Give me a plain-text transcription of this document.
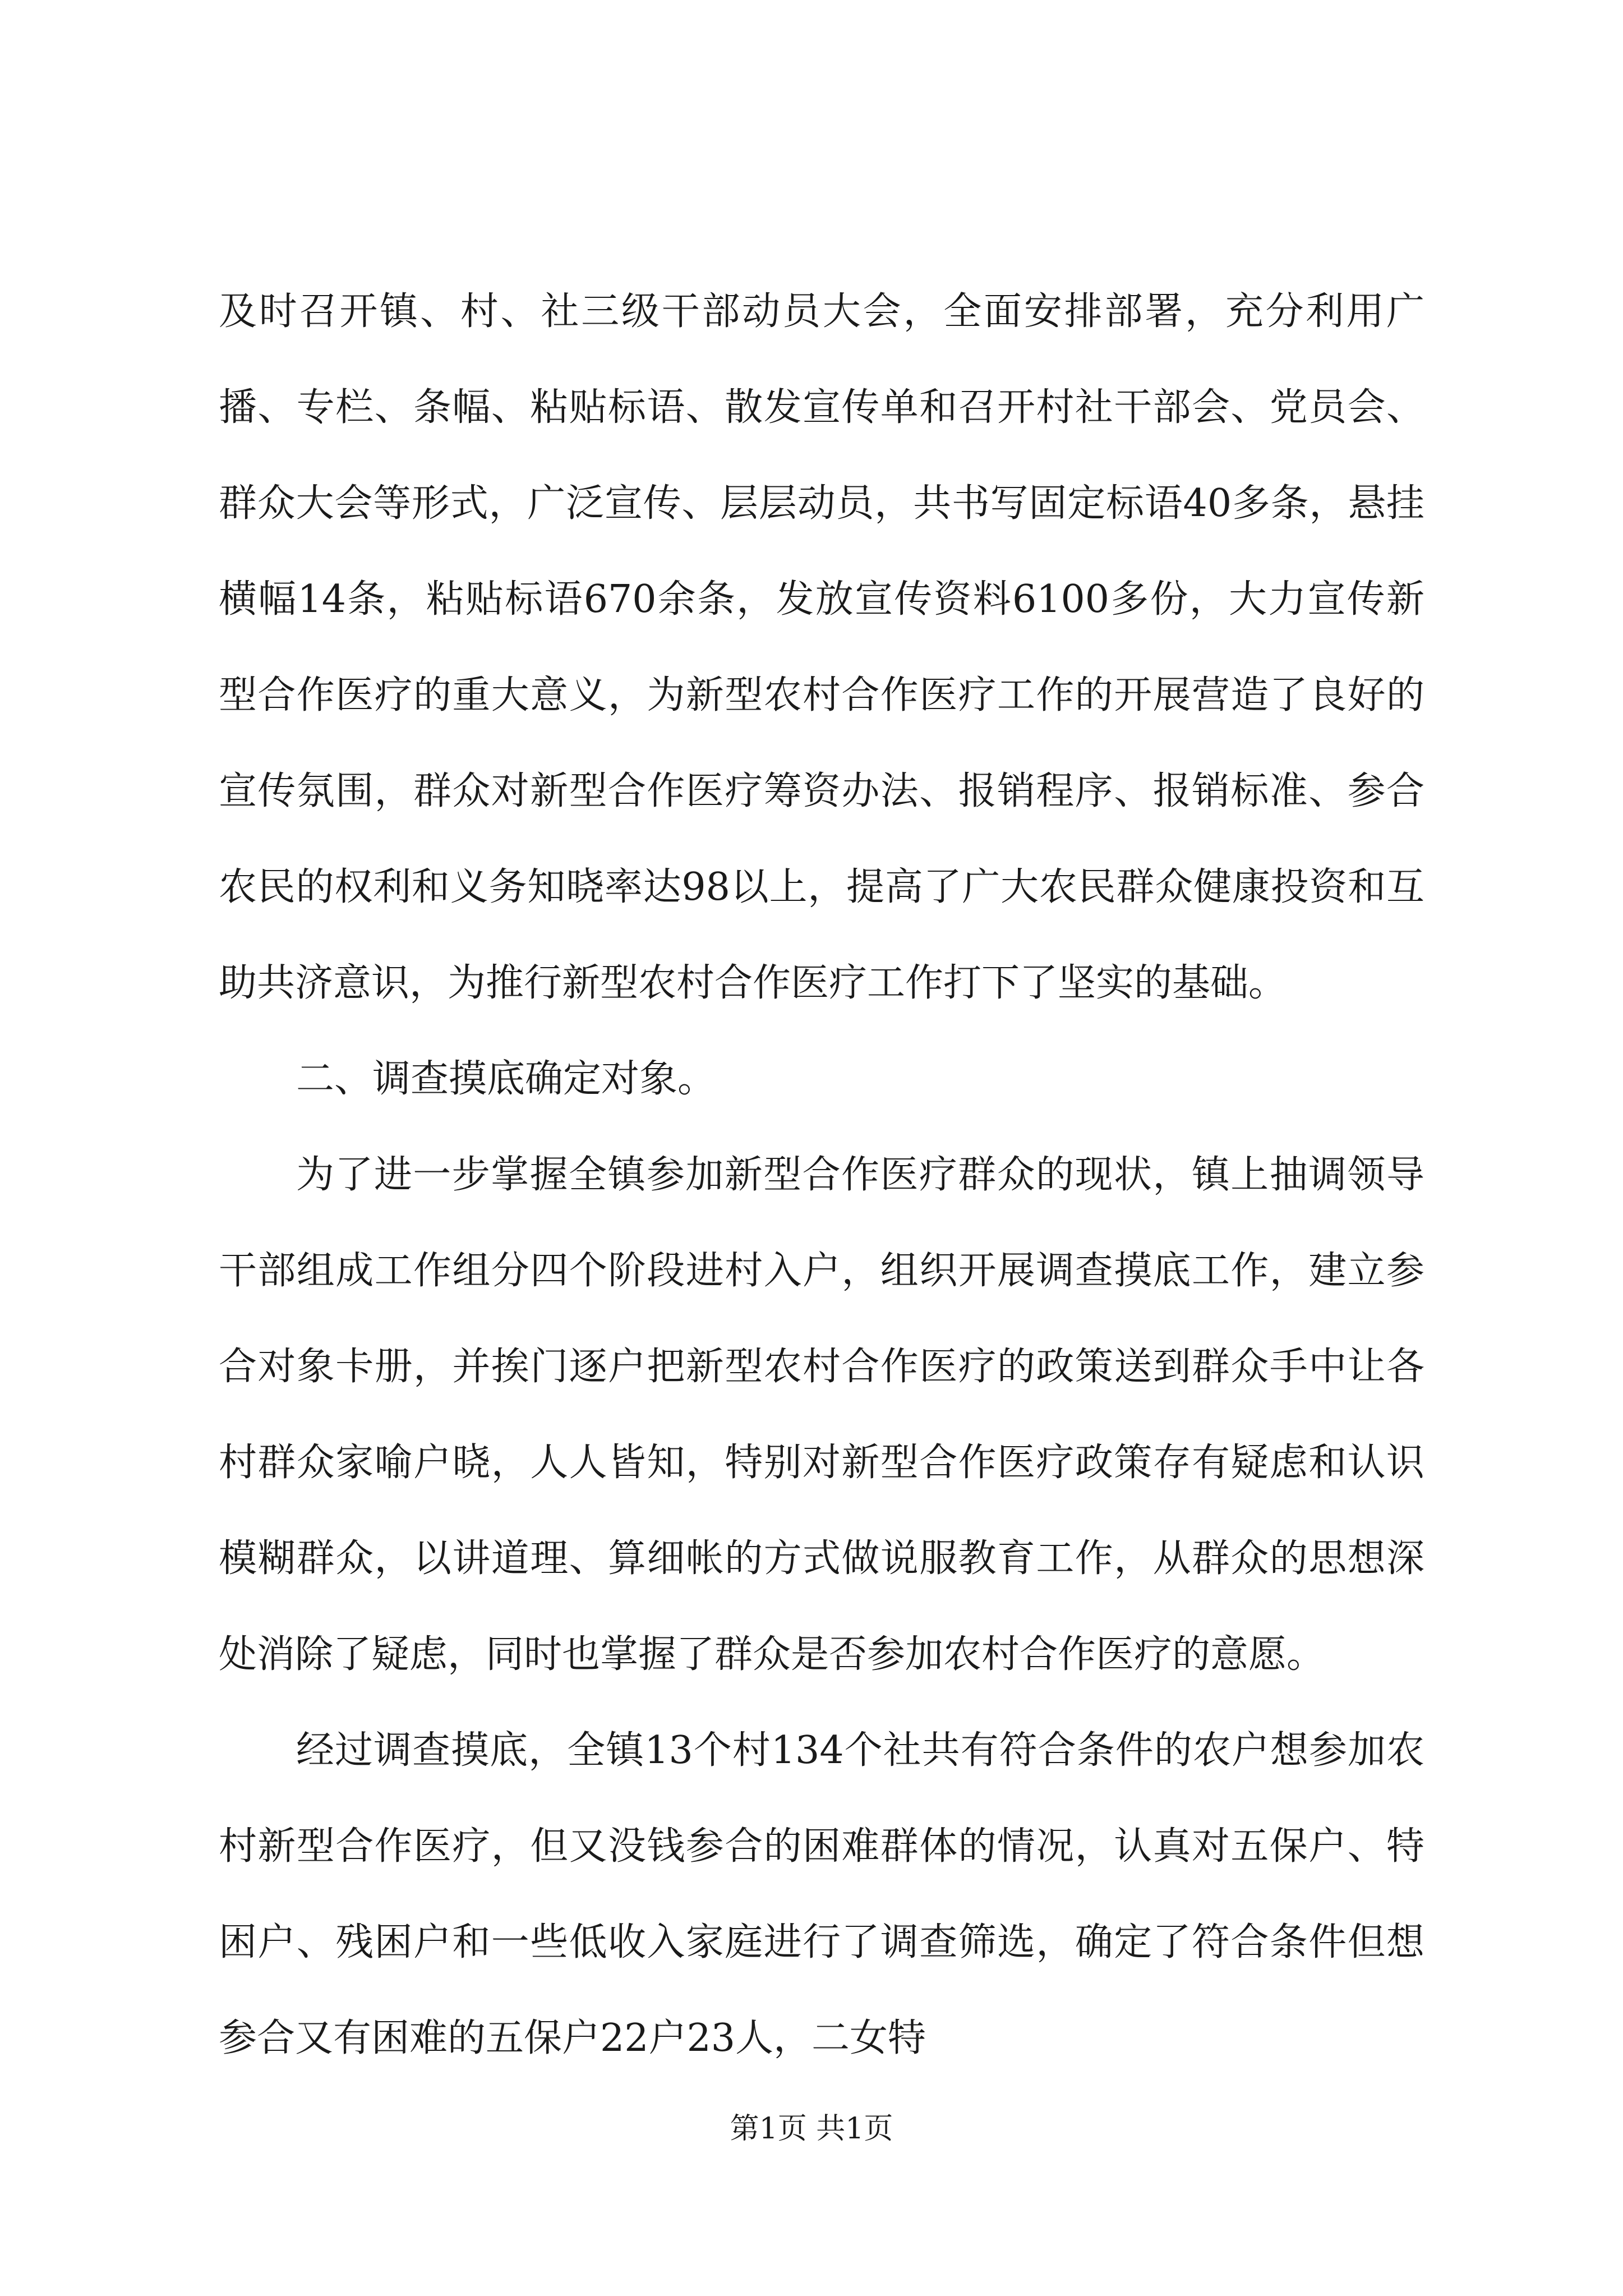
及时召开镇、村、社三级干部动员大会，全面安排部署，充分利用广播、专栏、条幅、粘贴标语、散发宣传单和召开村社干部会、党员会、群众大会等形式，广泛宣传、层层动员，共书写固定标语40多条，悬挂横幅14条，粘贴标语670余条，发放宣传资料6100多份，大力宣传新型合作医疗的重大意义，为新型农村合作医疗工作的开展营造了良好的宣传氛围，群众对新型合作医疗筹资办法、报销程序、报销标准、参合农民的权利和义务知晓率达98以上，提高了广大农民群众健康投资和互助共济意识，为推行新型农村合作医疗工作打下了坚实的基础。

二、调查摸底确定对象。

为了进一步掌握全镇参加新型合作医疗群众的现状，镇上抽调领导干部组成工作组分四个阶段进村入户，组织开展调查摸底工作，建立参合对象卡册，并挨门逐户把新型农村合作医疗的政策送到群众手中让各村群众家喻户晓，人人皆知，特别对新型合作医疗政策存有疑虑和认识模糊群众，以讲道理、算细帐的方式做说服教育工作，从群众的思想深处消除了疑虑，同时也掌握了群众是否参加农村合作医疗的意愿。

经过调查摸底，全镇13个村134个社共有符合条件的农户想参加农村新型合作医疗，但又没钱参合的困难群体的情况，认真对五保户、特困户、残困户和一些低收入家庭进行了调查筛选，确定了符合条件但想参合又有困难的五保户22户23人，二女特

第1页 共1页
